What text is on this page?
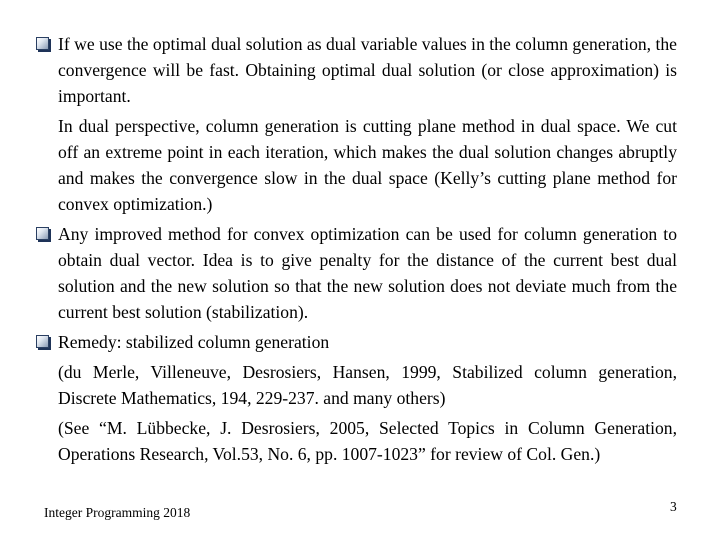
If we use the optimal dual solution as dual variable values in the column generation, the convergence will be fast. Obtaining optimal dual solution (or close approximation) is important.
In dual perspective, column generation is cutting plane method in dual space. We cut off an extreme point in each iteration, which makes the dual solution changes abruptly and makes the convergence slow in the dual space (Kelly’s cutting plane method for convex optimization.)
Any improved method for convex optimization can be used for column generation to obtain dual vector. Idea is to give penalty for the distance of the current best dual solution and the new solution so that the new solution does not deviate much from the current best solution (stabilization).
Remedy: stabilized column generation
(du Merle, Villeneuve, Desrosiers, Hansen, 1999, Stabilized column generation, Discrete Mathematics, 194, 229-237. and many others)
(See “M. Lübbecke, J. Desrosiers, 2005, Selected Topics in Column Generation, Operations Research, Vol.53, No. 6, pp. 1007-1023” for review of Col. Gen.)
Integer Programming 2018	3
